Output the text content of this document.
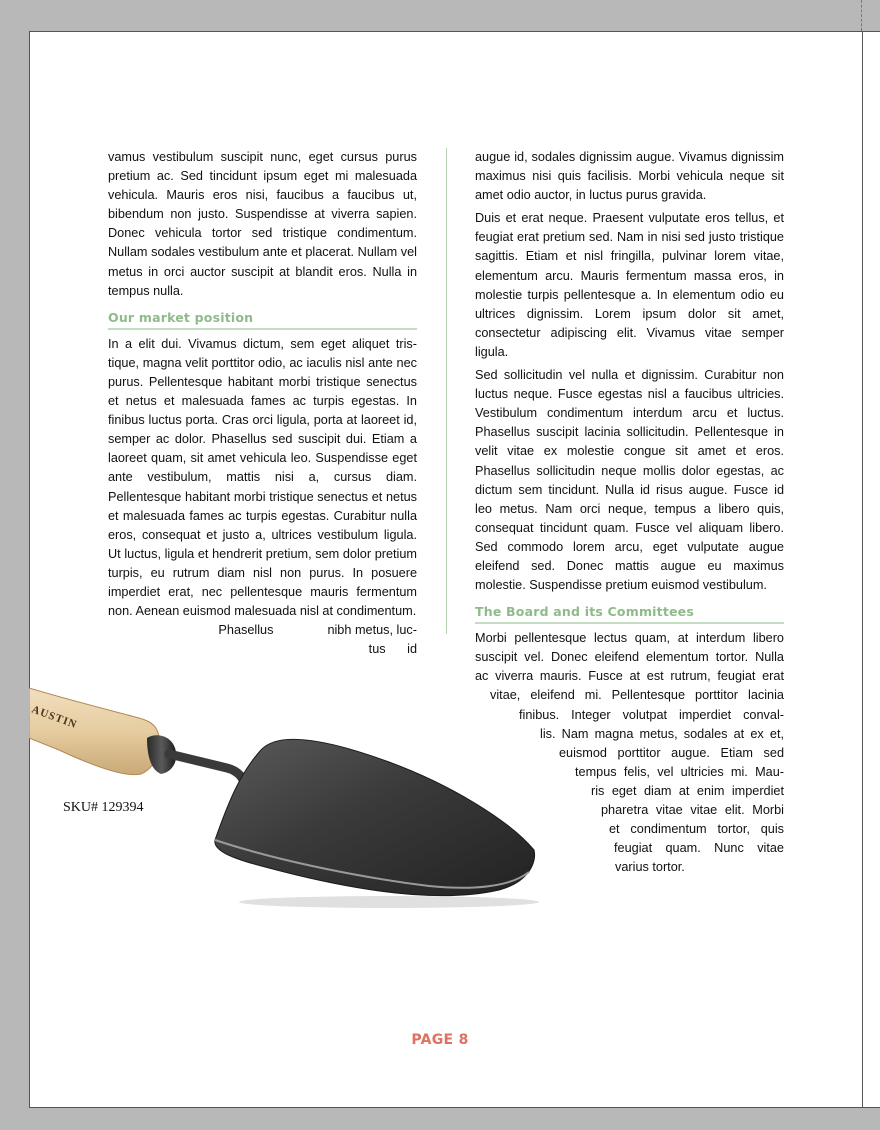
vamus vestibulum suscipit nunc, eget cursus purus pretium ac. Sed tincidunt ipsum eget mi malesuada vehicula. Mauris eros nisi, faucibus a faucibus ut, bibendum non justo. Suspendisse at viverra sapien. Donec vehicula tortor sed tristique condimentum. Nullam sodales vestibulum ante et placerat. Nullam vel metus in orci auctor suscipit at blandit eros. Nulla in tempus nulla.

Our market position

In a elit dui. Vivamus dictum, sem eget aliquet tristique, magna velit porttitor odio, ac iaculis nisl ante nec purus. Pellentesque habitant morbi tristique senectus et netus et malesuada fames ac turpis egestas. In finibus luctus porta. Cras orci ligula, porta at laoreet id, semper ac dolor. Phasellus sed suscipit dui. Etiam a laoreet quam, sit amet vehicula leo. Suspendisse eget ante vestibulum, mattis nisi a, cursus diam. Pellentesque habitant morbi tristique senectus et netus et malesuada fames ac turpis egestas. Curabitur nulla eros, consequat et justo a, ultrices vestibulum ligula. Ut luctus, ligula et hendrerit pretium, sem dolor pretium turpis, eu rutrum diam nisl non purus. In posuere imperdiet erat, nec pellentesque mauris fermentum non. Aenean euismod malesuada nisl at condimentum.

Phasellus	nibh metus, luc-
tus id

augue id, sodales dignissim augue. Vivamus dignissim maximus nisi quis facilisis. Morbi vehicula neque sit amet odio auctor, in luctus purus gravida.

Duis et erat neque. Praesent vulputate eros tellus, et feugiat erat pretium sed. Nam in nisi sed justo tristique sagittis. Etiam et nisl fringilla, pulvinar lorem vitae, elementum arcu. Mauris fermentum massa eros, in molestie turpis pellentesque a. In elementum odio eu ultrices dignissim. Lorem ipsum dolor sit amet, consectetur adipiscing elit. Vivamus vitae semper ligula.

Sed sollicitudin vel nulla et dignissim. Curabitur non luctus neque. Fusce egestas nisl a faucibus ultricies. Vestibulum condimentum interdum arcu et luctus. Phasellus suscipit lacinia sollicitudin. Pellentesque in velit vitae ex molestie congue sit amet et eros. Phasellus sollicitudin neque mollis dolor egestas, ac dictum sem tincidunt. Nulla id risus augue. Fusce id leo metus. Nam orci neque, tempus a libero quis, consequat tincidunt quam. Fusce vel aliquam libero. Sed commodo lorem arcu, eget vulputate augue eleifend sed. Donec mattis augue eu maximus molestie. Suspendisse pretium euismod vestibulum.

The Board and its Committees
Morbi pellentesque lectus quam, at interdum libero
suscipit vel. Donec eleifend elementum tortor. Nulla
ac viverra mauris. Fusce at est rutrum, feugiat erat
vitae, eleifend mi. Pellentesque porttitor lacinia
finibus. Integer volutpat imperdiet conval-
lis. Nam magna metus, sodales at ex et,
euismod porttitor augue. Etiam sed
tempus felis, vel ultricies mi. Mau-
ris eget diam at enim imperdiet
pharetra vitae vitae elit. Morbi
et condimentum tortor, quis
feugiat quam. Nunc vitae
varius tortor.
AUSTIN
SKU# 129394
PAGE 8
